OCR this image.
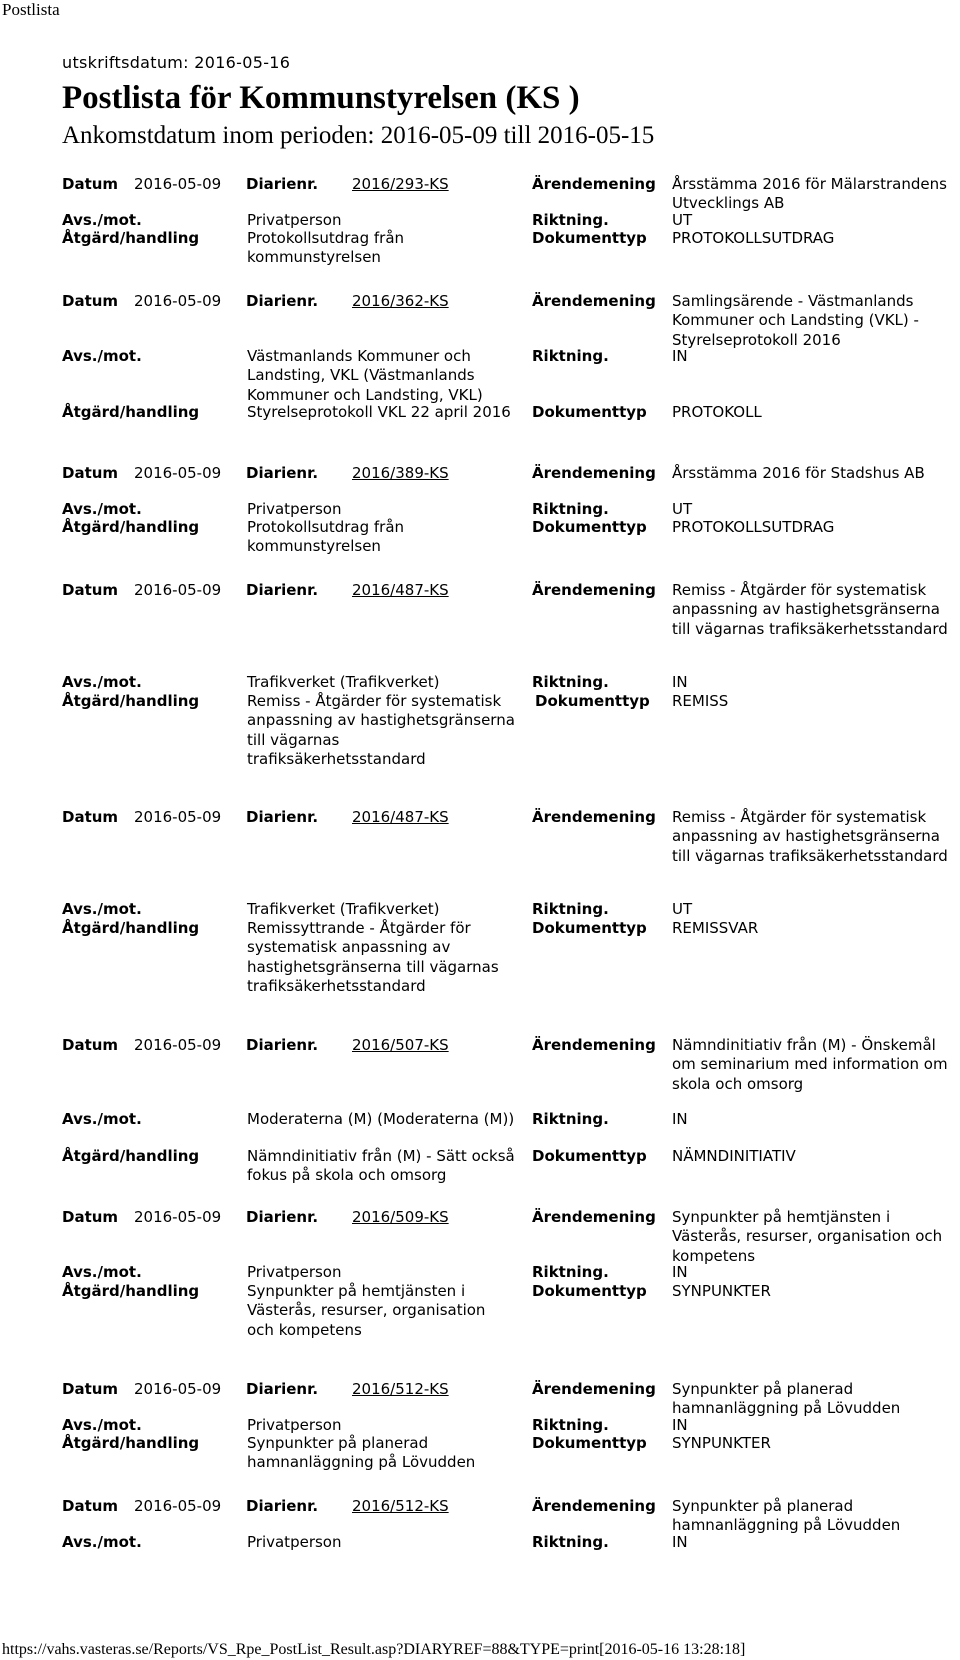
Postlista
utskriftsdatum: 2016-05-16
Postlista för Kommunstyrelsen (KS )
Ankomstdatum inom perioden: 2016-05-09 till 2016-05-15
Datum 2016-05-09 Diarienr. 2016/293-KS	Ärendemening Årsstämma 2016 för Mälarstrandens Utvecklings AB
Avs./mot.	Privatperson	Riktning.	UT
Åtgärd/handling	Protokollsutdrag från kommunstyrelsen
Dokumenttyp PROTOKOLLSUTDRAG
Datum 2016-05-09 Diarienr. 2016/362-KS	Ärendemening Samlingsärende - Västmanlands Kommuner och Landsting (VKL) - Styrelseprotokoll 2016
Avs./mot.	Västmanlands Kommuner och Landsting, VKL (Västmanlands Kommuner och Landsting, VKL)
Riktning.	IN
Åtgärd/handling	Styrelseprotokoll VKL 22 april 2016	Dokumenttyp PROTOKOLL
Datum 2016-05-09 Diarienr. 2016/389-KS	Ärendemening Årsstämma 2016 för Stadshus AB
Avs./mot.	Privatperson	Riktning.	UT
Åtgärd/handling	Protokollsutdrag från kommunstyrelsen
Dokumenttyp PROTOKOLLSUTDRAG
Datum 2016-05-09 Diarienr. 2016/487-KS	Ärendemening Remiss - Åtgärder för systematisk anpassning av hastighetsgränserna till vägarnas trafiksäkerhetsstandard
Avs./mot.	Trafikverket (Trafikverket)	Riktning.	IN
Åtgärd/handling	Remiss - Åtgärder för systematisk anpassning av hastighetsgränserna till vägarnas trafiksäkerhetsstandard
Dokumenttyp REMISS
Datum 2016-05-09 Diarienr. 2016/487-KS	Ärendemening Remiss - Åtgärder för systematisk anpassning av hastighetsgränserna till vägarnas trafiksäkerhetsstandard
Avs./mot.	Trafikverket (Trafikverket)	Riktning.	UT
Åtgärd/handling	Remissyttrande - Åtgärder för systematisk anpassning av hastighetsgränserna till vägarnas trafiksäkerhetsstandard
Dokumenttyp REMISSVAR
Datum 2016-05-09 Diarienr. 2016/507-KS	Ärendemening Nämndinitiativ från (M) - Önskemål om seminarium med information om skola och omsorg
Avs./mot.	Moderaterna (M) (Moderaterna (M)) Riktning.	IN
Åtgärd/handling	Nämndinitiativ från (M) - Sätt också fokus på skola och omsorg
Dokumenttyp NÄMNDINITIATIV
Datum 2016-05-09 Diarienr. 2016/509-KS	Ärendemening Synpunkter på hemtjänsten i Västerås, resurser, organisation och kompetens
Avs./mot.	Privatperson	Riktning.	IN
Åtgärd/handling	Synpunkter på hemtjänsten i Västerås, resurser, organisation och kompetens
Dokumenttyp SYNPUNKTER
Datum 2016-05-09 Diarienr. 2016/512-KS	Ärendemening Synpunkter på planerad hamnanläggning på Lövudden
Avs./mot.	Privatperson	Riktning.	IN
Åtgärd/handling	Synpunkter på planerad hamnanläggning på Lövudden
Dokumenttyp SYNPUNKTER
Datum 2016-05-09 Diarienr. 2016/512-KS	Ärendemening Synpunkter på planerad hamnanläggning på Lövudden
Avs./mot.	Privatperson	Riktning.	IN
https://vahs.vasteras.se/Reports/VS_Rpe_PostList_Result.asp?DIARYREF=88&TYPE=print[2016-05-16 13:28:18]
